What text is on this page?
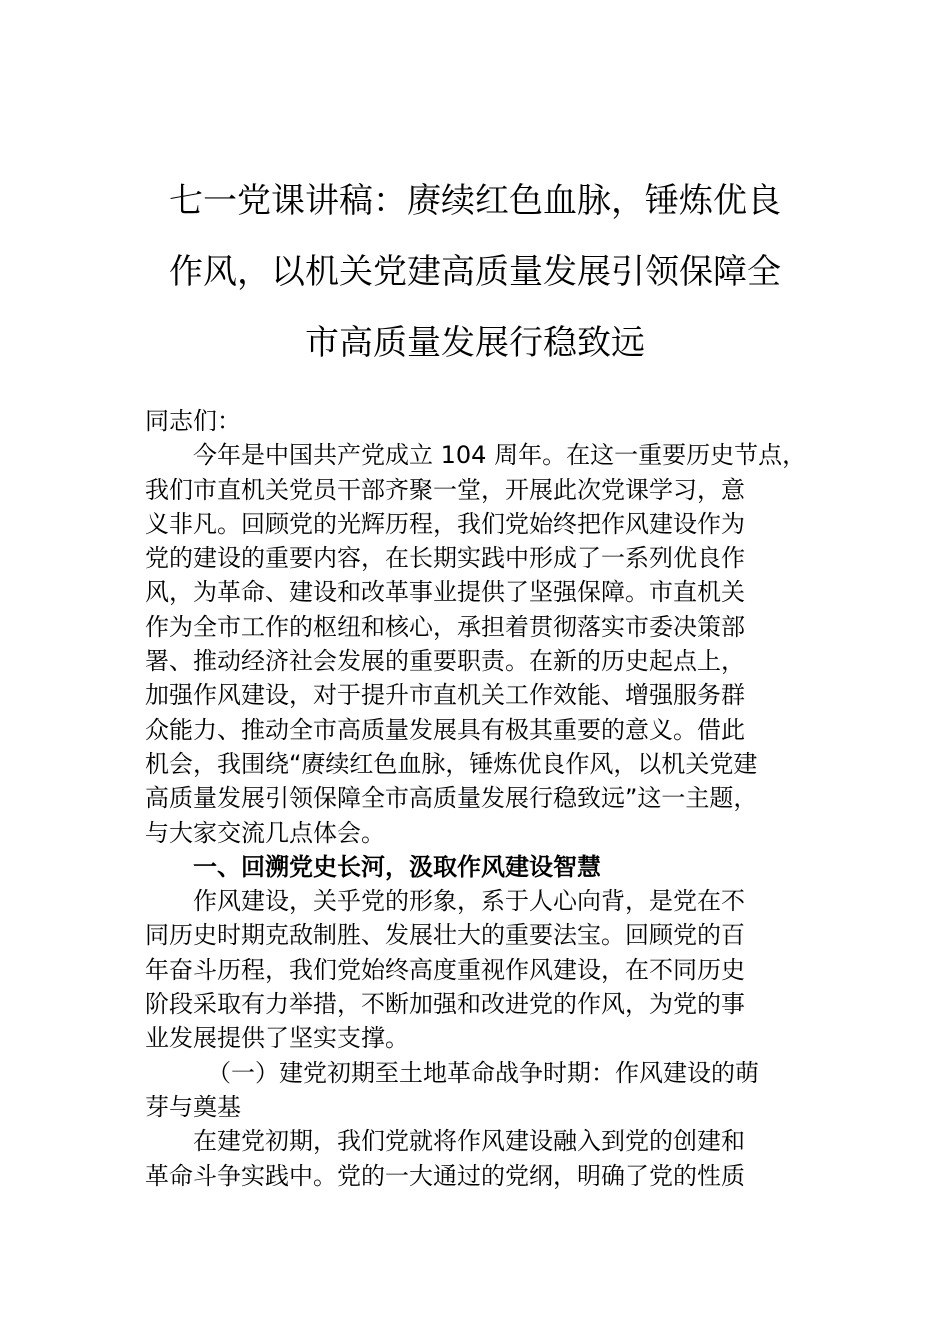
七一党课讲稿：赓续红色血脉，锤炼优良
作风，以机关党建高质量发展引领保障全
市高质量发展行稳致远
同志们：
今年是中国共产党成立 104 周年。在这一重要历史节点，
我们市直机关党员干部齐聚一堂，开展此次党课学习，意
义非凡。回顾党的光辉历程，我们党始终把作风建设作为
党的建设的重要内容，在长期实践中形成了一系列优良作
风，为革命、建设和改革事业提供了坚强保障。市直机关
作为全市工作的枢纽和核心，承担着贯彻落实市委决策部
署、推动经济社会发展的重要职责。在新的历史起点上，
加强作风建设，对于提升市直机关工作效能、增强服务群
众能力、推动全市高质量发展具有极其重要的意义。借此
机会，我围绕“赓续红色血脉，锤炼优良作风，以机关党建
高质量发展引领保障全市高质量发展行稳致远”这一主题，
与大家交流几点体会。
一、回溯党史长河，汲取作风建设智慧
作风建设，关乎党的形象，系于人心向背，是党在不
同历史时期克敌制胜、发展壮大的重要法宝。回顾党的百
年奋斗历程，我们党始终高度重视作风建设，在不同历史
阶段采取有力举措，不断加强和改进党的作风，为党的事
业发展提供了坚实支撑。
（一）建党初期至土地革命战争时期：作风建设的萌
芽与奠基
在建党初期，我们党就将作风建设融入到党的创建和
革命斗争实践中。党的一大通过的党纲，明确了党的性质
